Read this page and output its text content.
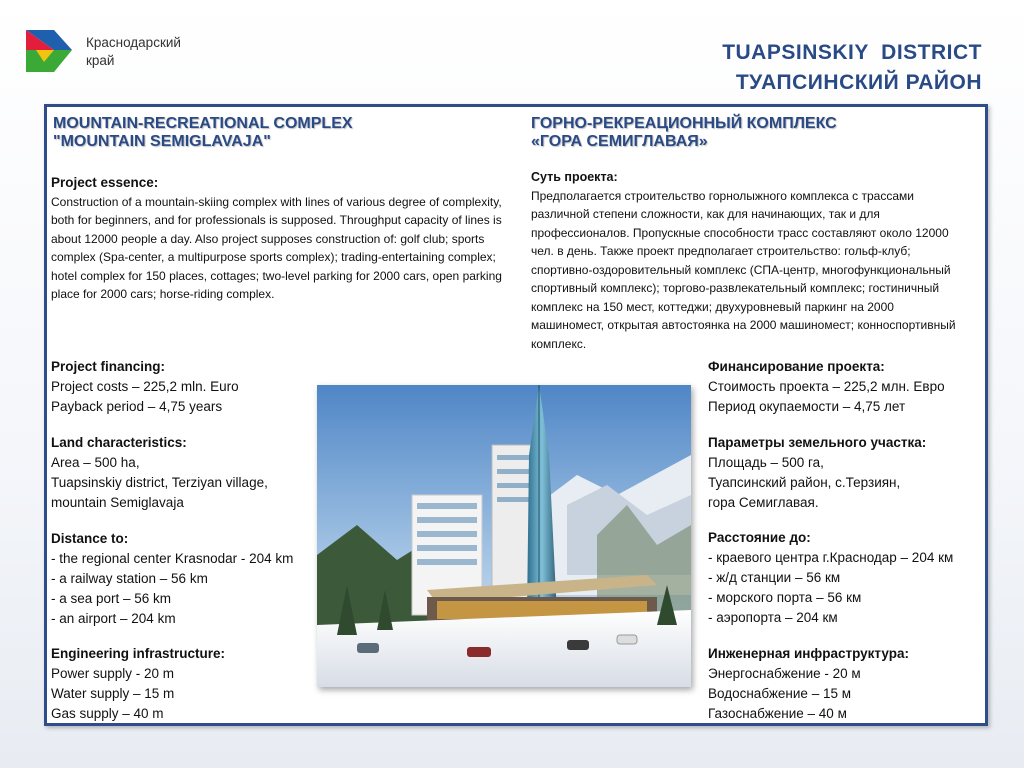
Краснодарский
край	TUAPSINSKIY  DISTRICT
ТУАПСИНСКИЙ РАЙОН
MOUNTAIN-RECREATIONAL COMPLEX
"MOUNTAIN SEMIGLAVAJA"
ГОРНО-РЕКРЕАЦИОННЫЙ КОМПЛЕКС
«ГОРА СЕМИГЛАВАЯ»
Project essence:
Construction of a mountain-skiing complex with lines of various degree of complexity, both for beginners, and for professionals is supposed. Throughput capacity of lines is about 12000 people a day. Also project supposes construction of: golf club; sports complex (Spa-center, a multipurpose sports complex); trading-entertaining complex; hotel complex for 150 places, cottages; two-level parking for 2000 cars, open parking place for 2000 cars; horse-riding complex.
Суть проекта:
Предполагается строительство горнолыжного комплекса с трассами различной степени сложности, как для начинающих, так и для профессионалов. Пропускные способности трасс составляют около 12000 чел. в день. Также проект предполагает строительство: гольф-клуб; спортивно-оздоровительный комплекс (СПА-центр, многофункциональный спортивный комплекс); торгово-развлекательный комплекс; гостиничный комплекс на 150 мест, коттеджи; двухуровневый паркинг на 2000 машиномест, открытая автостоянка на 2000 машиномест; конноспортивный комплекс.
Project financing:
Project costs – 225,2 mln. Euro
Payback period – 4,75 years
Land characteristics:
Area – 500 ha,
Tuapsinskiy district, Terziyan village,
mountain Semiglavaja
Distance to:
- the regional center Krasnodar - 204 km
- a railway station – 56 km
- a sea port – 56 km
- an airport – 204 km
Engineering infrastructure:
Power supply - 20 m
Water supply – 15 m
Gas supply – 40 m
Финансирование проекта:
Стоимость проекта – 225,2 млн. Евро
Период окупаемости – 4,75 лет
Параметры земельного участка:
Площадь – 500 га,
Туапсинский район, с.Терзиян,
гора Семиглавая.
Расстояние до:
- краевого центра г.Краснодар – 204 км
- ж/д станции – 56 км
- морского порта – 56 км
- аэропорта – 204 км
Инженерная инфраструктура:
Энергоснабжение - 20 м
Водоснабжение – 15 м
Газоснабжение – 40 м
